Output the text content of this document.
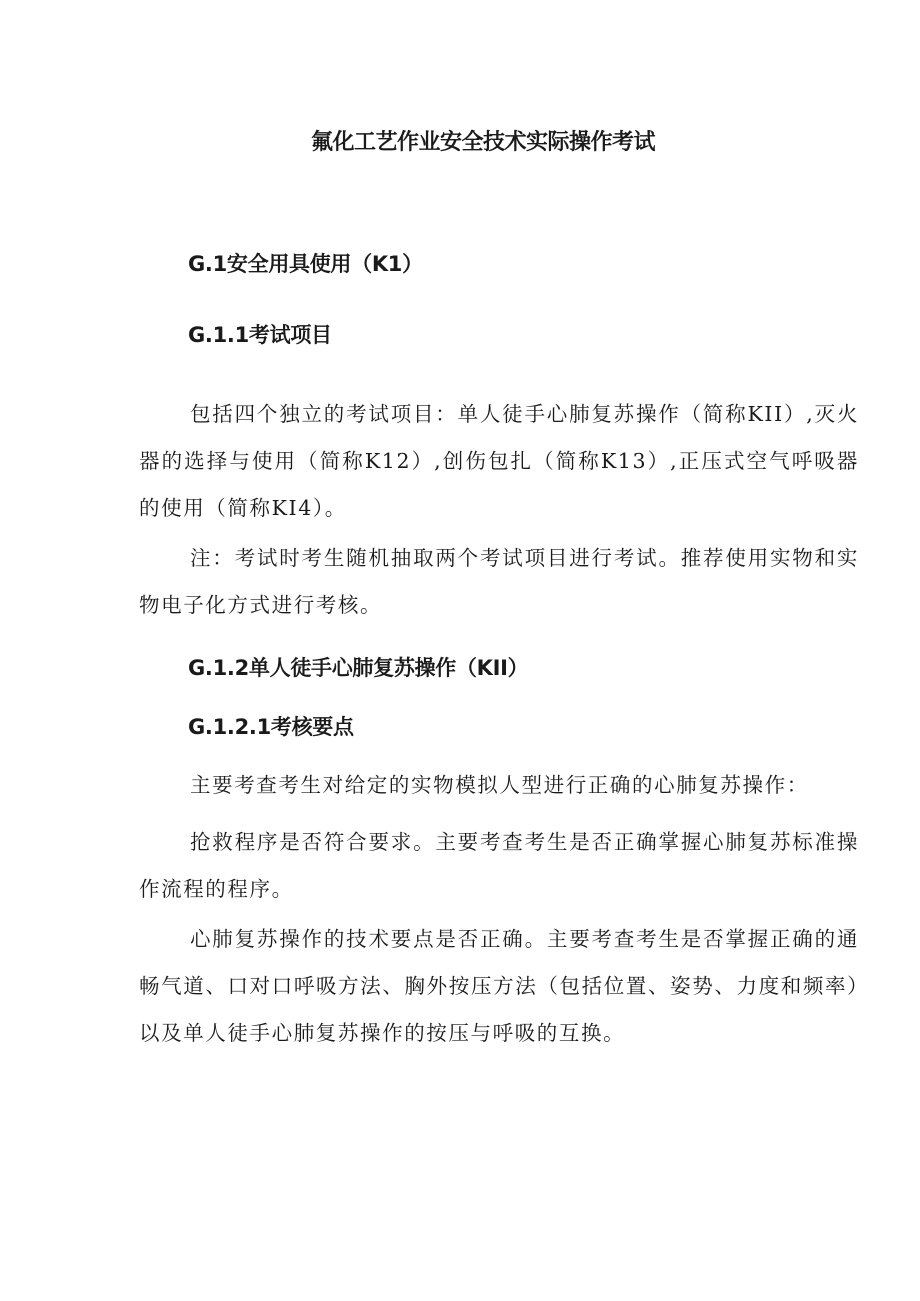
氟化工艺作业安全技术实际操作考试
G.1安全用具使用（K1）
G.1.1考试项目
包括四个独立的考试项目：单人徒手心肺复苏操作（简称KII）,灭火器的选择与使用（简称K12）,创伤包扎（简称K13）,正压式空气呼吸器的使用（简称KI4）。
注：考试时考生随机抽取两个考试项目进行考试。推荐使用实物和实物电子化方式进行考核。
G.1.2单人徒手心肺复苏操作（KII）
G.1.2.1考核要点
主要考查考生对给定的实物模拟人型进行正确的心肺复苏操作：
抢救程序是否符合要求。主要考查考生是否正确掌握心肺复苏标准操作流程的程序。
心肺复苏操作的技术要点是否正确。主要考查考生是否掌握正确的通畅气道、口对口呼吸方法、胸外按压方法（包括位置、姿势、力度和频率）以及单人徒手心肺复苏操作的按压与呼吸的互换。
